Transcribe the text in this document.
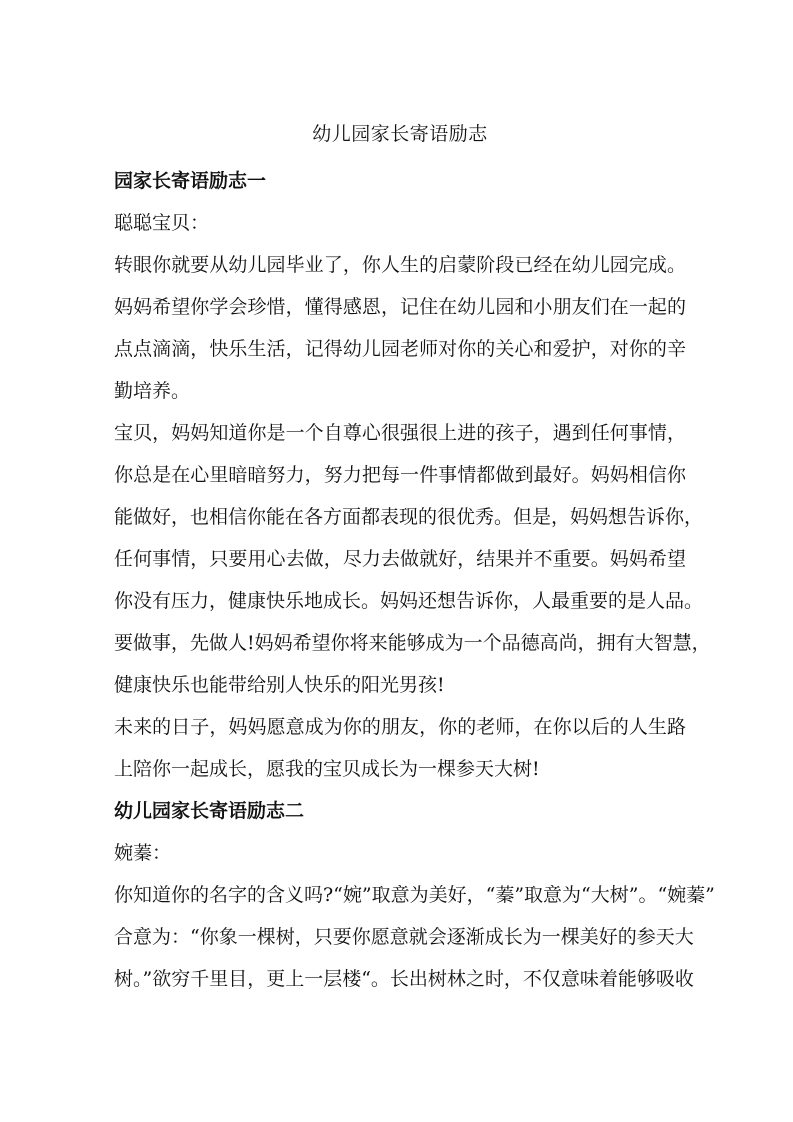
幼儿园家长寄语励志
园家长寄语励志一
聪聪宝贝：
转眼你就要从幼儿园毕业了，你人生的启蒙阶段已经在幼儿园完成。
妈妈希望你学会珍惜，懂得感恩，记住在幼儿园和小朋友们在一起的
点点滴滴，快乐生活，记得幼儿园老师对你的关心和爱护，对你的辛
勤培养。
宝贝，妈妈知道你是一个自尊心很强很上进的孩子，遇到任何事情，
你总是在心里暗暗努力，努力把每一件事情都做到最好。妈妈相信你
能做好，也相信你能在各方面都表现的很优秀。但是，妈妈想告诉你，
任何事情，只要用心去做，尽力去做就好，结果并不重要。妈妈希望
你没有压力，健康快乐地成长。妈妈还想告诉你，人最重要的是人品。
要做事，先做人!妈妈希望你将来能够成为一个品德高尚，拥有大智慧，
健康快乐也能带给别人快乐的阳光男孩!
未来的日子，妈妈愿意成为你的朋友，你的老师，在你以后的人生路
上陪你一起成长，愿我的宝贝成长为一棵参天大树!
幼儿园家长寄语励志二
婉蓁：
你知道你的名字的含义吗?“婉”取意为美好，“蓁”取意为“大树”。“婉蓁”
合意为：“你象一棵树，只要你愿意就会逐渐成长为一棵美好的参天大
树。”欲穷千里目，更上一层楼“。长出树林之时，不仅意味着能够吸收
